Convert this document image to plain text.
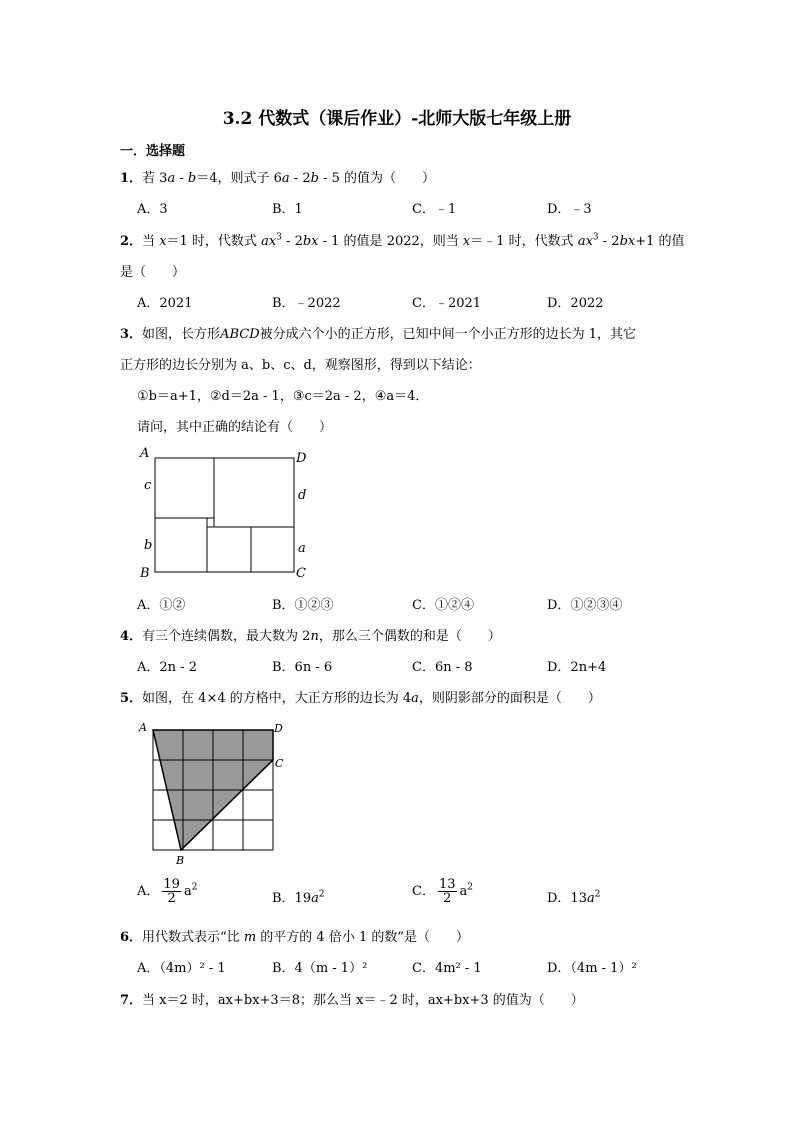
3.2 代数式（课后作业）-北师大版七年级上册
一．选择题
1．若 3a - b＝4，则式子 6a - 2b - 5 的值为（　　）
A．3	B．1	C．﹣1	D．﹣3
2．当 x＝1 时，代数式 $ax^3 - 2bx - 1$ 的值是 2022，则当 x＝﹣1 时，代数式 $ax^3 - 2bx+1$ 的值
是（　　）
A．2021	B．﹣2022	C．﹣2021	D．2022
3．如图，长方形ABCD被分成六个小的正方形，已知中间一个小正方形的边长为 1，其它
正方形的边长分别为 a、b、c、d，观察图形，得到以下结论：
①b＝a+1，②d＝2a - 1，③c＝2a - 2，④a＝4．
请问，其中正确的结论有（　　）
A	D
B	C
c
b
d
a
A．①②	B．①②③	C．①②④	D．①②③④
4．有三个连续偶数，最大数为 2n，那么三个偶数的和是（　　）
A．2n - 2	B．6n - 6	C．6n - 8	D．2n+4
5．如图，在 4×4 的方格中，大正方形的边长为 4a，则阴影部分的面积是（　　）
A	D
C
B
A． $\frac{19}{2} a^2$
B．$19a^2$	C． $\frac{13}{2} a^2$
D．$13a^2$
6．用代数式表示“比 m 的平方的 4 倍小 1 的数”是（　　）
A．（4m）² - 1	B．4（m - 1）²	C．4m² - 1	D．（4m - 1）²
7．当 x＝2 时，ax+bx+3＝8；那么当 x＝﹣2 时，ax+bx+3 的值为（　　）
